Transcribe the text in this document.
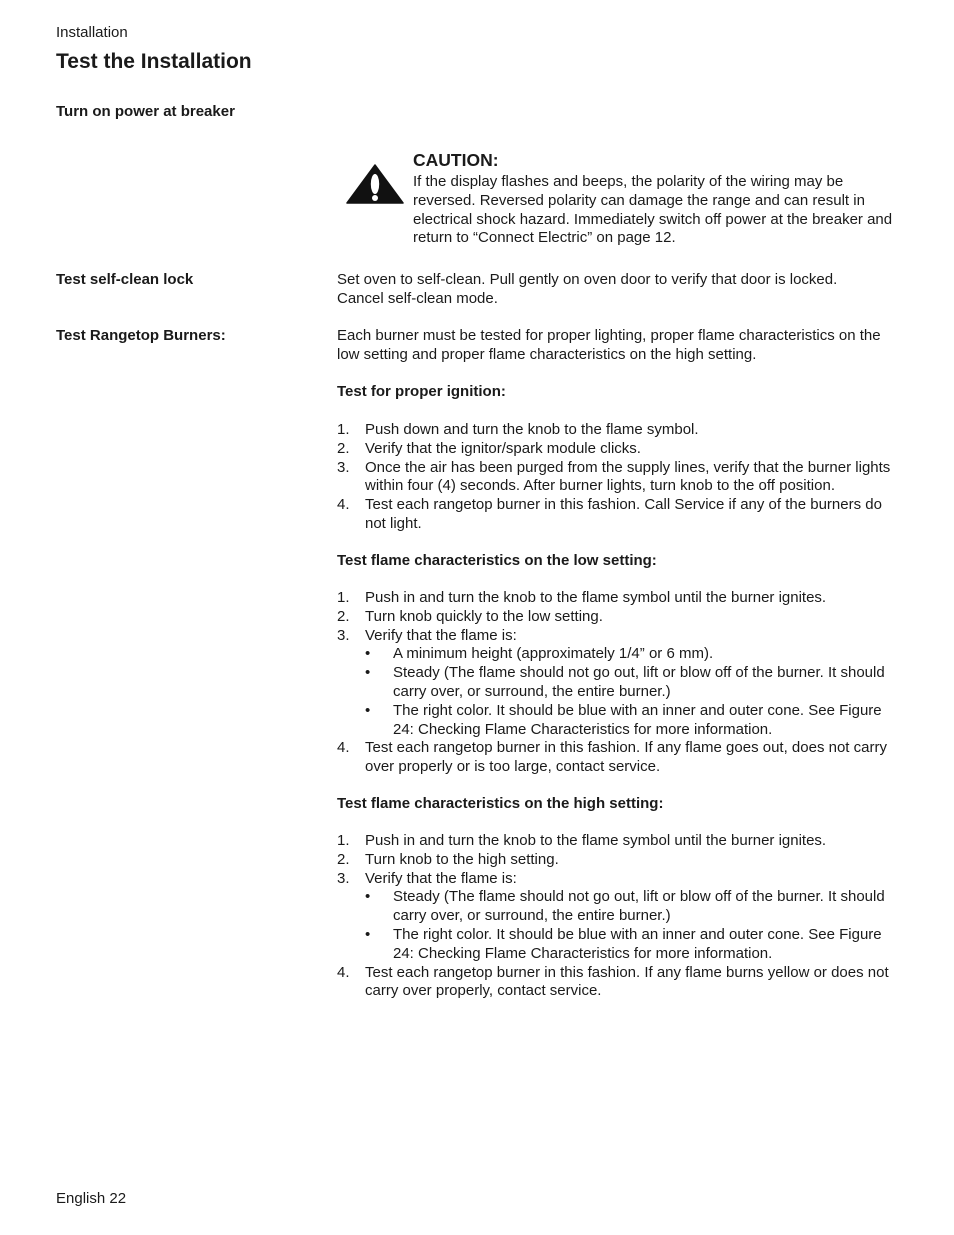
Installation
Test the Installation
Turn on power at breaker
CAUTION:
If the display flashes and beeps, the polarity of the wiring may be reversed. Reversed polarity can damage the range and can result in electrical shock hazard. Immediately switch off power at the breaker and return to “Connect Electric” on page 12.
Test self-clean lock	Set oven to self-clean. Pull gently on oven door to verify that door is locked. Cancel self-clean mode.
Test Rangetop Burners:	Each burner must be tested for proper lighting, proper flame characteristics on the low setting and proper flame characteristics on the high setting.
Test for proper ignition:
1. Push down and turn the knob to the flame symbol.
2. Verify that the ignitor/spark module clicks.
3. Once the air has been purged from the supply lines, verify that the burner lights within four (4) seconds. After burner lights, turn knob to the off position.
4. Test each rangetop burner in this fashion. Call Service if any of the burners do not light.
Test flame characteristics on the low setting:
1. Push in and turn the knob to the flame symbol until the burner ignites.
2. Turn knob quickly to the low setting.
3. Verify that the flame is:
• A minimum height (approximately 1/4” or 6 mm).
• Steady (The flame should not go out, lift or blow off of the burner. It should carry over, or surround, the entire burner.)
• The right color. It should be blue with an inner and outer cone. See Figure 24: Checking Flame Characteristics for more information.
4. Test each rangetop burner in this fashion. If any flame goes out, does not carry over properly or is too large, contact service.
Test flame characteristics on the high setting:
1. Push in and turn the knob to the flame symbol until the burner ignites.
2. Turn knob to the high setting.
3. Verify that the flame is:
• Steady (The flame should not go out, lift or blow off of the burner. It should carry over, or surround, the entire burner.)
• The right color. It should be blue with an inner and outer cone. See Figure 24: Checking Flame Characteristics for more information.
4. Test each rangetop burner in this fashion. If any flame burns yellow or does not carry over properly, contact service.
English 22
